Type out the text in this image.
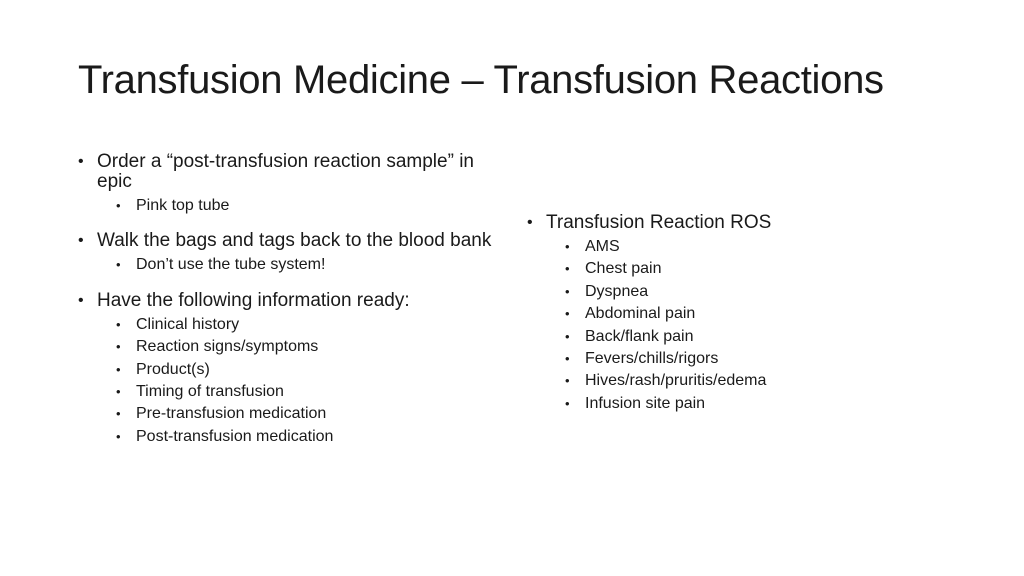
Transfusion Medicine – Transfusion Reactions
• Order a “post-transfusion reaction sample” in epic
• Pink top tube
• Walk the bags and tags back to the blood bank
• Don’t use the tube system!
• Have the following information ready:
• Clinical history
• Reaction signs/symptoms
• Product(s)
• Timing of transfusion
• Pre-transfusion medication
• Post-transfusion medication
• Transfusion Reaction ROS
• AMS
• Chest pain
• Dyspnea
• Abdominal pain
• Back/flank pain
• Fevers/chills/rigors
• Hives/rash/pruritis/edema
• Infusion site pain
